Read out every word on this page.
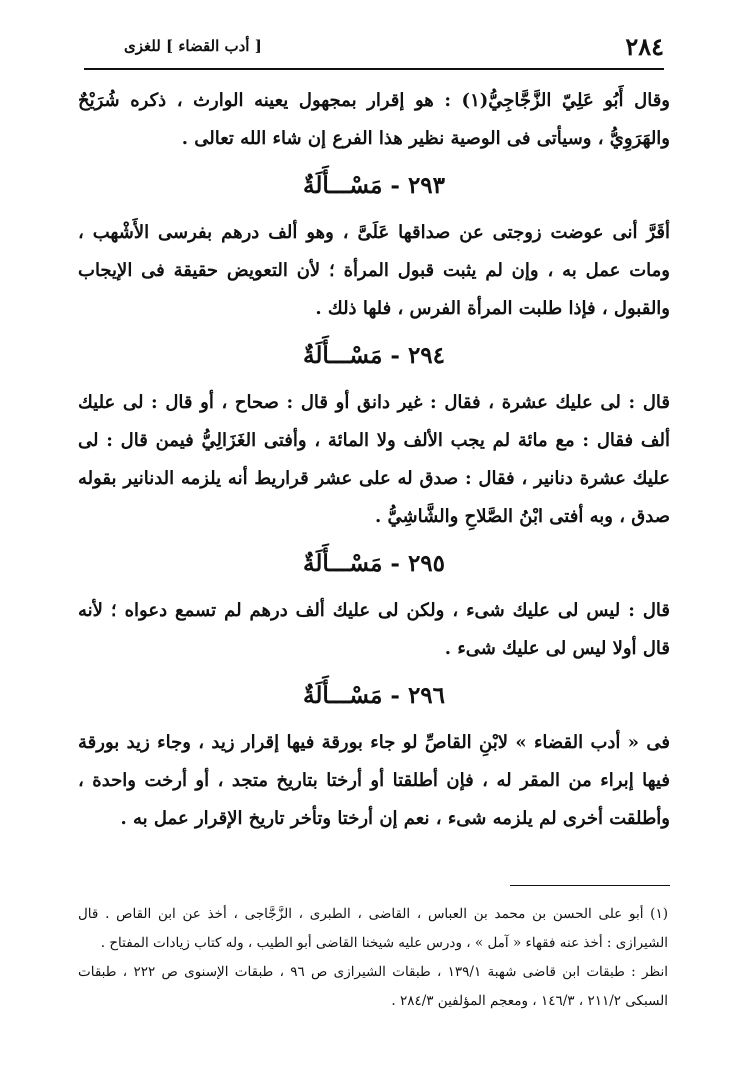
٢٨٤
[ أدب القضاء ] للغزى

وقال أَبُو عَلِيّ الزَّجَّاجِيُّ(١) : هو إقرار بمجهول يعينه الوارث ، ذكره شُرَيْحٌ والهَرَوِيُّ ، وسيأتى فى الوصية نظير هذا الفرع إن شاء الله تعالى .

٢٩٣ - مَسْـــأَلَةٌ

أقَرَّ أنى عوضت زوجتى عن صداقها عَلَىَّ ، وهو ألف درهم بفرسى الأَشْهب ، ومات عمل به ، وإن لم يثبت قبول المرأة ؛ لأن التعويض حقيقة فى الإيجاب والقبول ، فإذا طلبت المرأة الفرس ، فلها ذلك .

٢٩٤ - مَسْـــأَلَةٌ

قال : لى عليك عشرة ، فقال : غير دانق أو قال : صحاح ، أو قال : لى عليك ألف فقال : مع مائة لم يجب الألف ولا المائة ، وأفتى الغَزَالِيُّ فيمن قال : لى عليك عشرة دنانير ، فقال : صدق له على عشر قراريط أنه يلزمه الدنانير بقوله صدق ، وبه أفتى ابْنُ الصَّلاحِ والشَّاشِيُّ .

٢٩٥ - مَسْـــأَلَةٌ

قال : ليس لى عليك شىء ، ولكن لى عليك ألف درهم لم تسمع دعواه ؛ لأنه قال أولا ليس لى عليك شىء .

٢٩٦ - مَسْـــأَلَةٌ

فى « أدب القضاء » لابْنِ القاصِّ لو جاء بورقة فيها إقرار زيد ، وجاء زيد بورقة فيها إبراء من المقر له ، فإن أطلقتا أو أرختا بتاريخ متجد ، أو أرخت واحدة ، وأطلقت أخرى لم يلزمه شىء ، نعم إن أرختا وتأخر تاريخ الإقرار عمل به .

(١) أبو على الحسن بن محمد بن العباس ، القاضى ، الطبرى ، الزَّجَّاجى ، أخذ عن ابن القاص . قال الشيرازى : أخذ عنه فقهاء « آمل » ، ودرس عليه شيخنا القاضى أبو الطيب ، وله كتاب زيادات المفتاح .

انظر : طبقات ابن قاضى شهبة ١٣٩/١ ، طبقات الشيرازى ص ٩٦ ، طبقات الإسنوى ص ٢٢٢ ، طبقات السبكى ٢١١/٢ ، ١٤٦/٣ ، ومعجم المؤلفين ٢٨٤/٣ .
